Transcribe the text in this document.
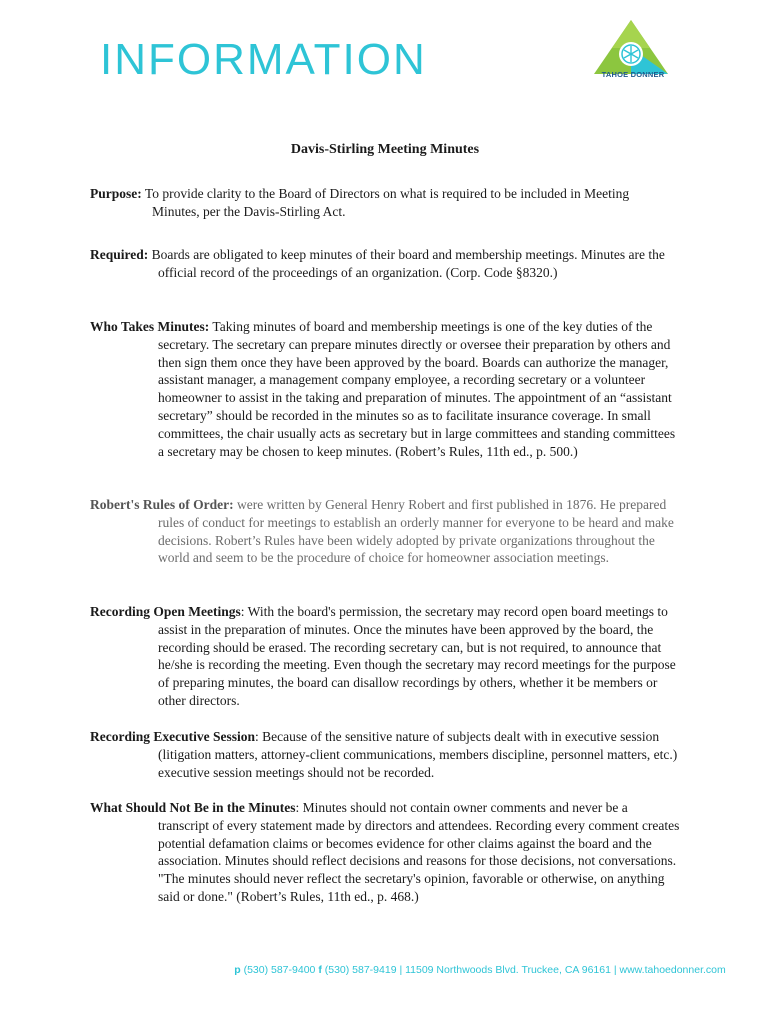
INFORMATION	TAHOE DONNER
Davis-Stirling Meeting Minutes

Purpose: To provide clarity to the Board of Directors on what is required to be included in Meeting Minutes, per the Davis-Stirling Act.

Required: Boards are obligated to keep minutes of their board and membership meetings. Minutes are the official record of the proceedings of an organization. (Corp. Code §8320.)

Who Takes Minutes: Taking minutes of board and membership meetings is one of the key duties of the secretary. The secretary can prepare minutes directly or oversee their preparation by others and then sign them once they have been approved by the board. Boards can authorize the manager, assistant manager, a management company employee, a recording secretary or a volunteer homeowner to assist in the taking and preparation of minutes. The appointment of an “assistant secretary” should be recorded in the minutes so as to facilitate insurance coverage. In small committees, the chair usually acts as secretary but in large committees and standing committees a secretary may be chosen to keep minutes. (Robert’s Rules, 11th ed., p. 500.)

Robert's Rules of Order: were written by General Henry Robert and first published in 1876. He prepared rules of conduct for meetings to establish an orderly manner for everyone to be heard and make decisions. Robert’s Rules have been widely adopted by private organizations throughout the world and seem to be the procedure of choice for homeowner association meetings.

Recording Open Meetings: With the board's permission, the secretary may record open board meetings to assist in the preparation of minutes. Once the minutes have been approved by the board, the recording should be erased. The recording secretary can, but is not required, to announce that he/she is recording the meeting. Even though the secretary may record meetings for the purpose of preparing minutes, the board can disallow recordings by others, whether it be members or other directors.

Recording Executive Session: Because of the sensitive nature of subjects dealt with in executive session (litigation matters, attorney-client communications, members discipline, personnel matters, etc.) executive session meetings should not be recorded.

What Should Not Be in the Minutes: Minutes should not contain owner comments and never be a transcript of every statement made by directors and attendees. Recording every comment creates potential defamation claims or becomes evidence for other claims against the board and the association. Minutes should reflect decisions and reasons for those decisions, not conversations. "The minutes should never reflect the secretary's opinion, favorable or otherwise, on anything said or done." (Robert’s Rules, 11th ed., p. 468.)

p (530) 587-9400 f (530) 587-9419 | 11509 Northwoods Blvd. Truckee, CA 96161 | www.tahoedonner.com
